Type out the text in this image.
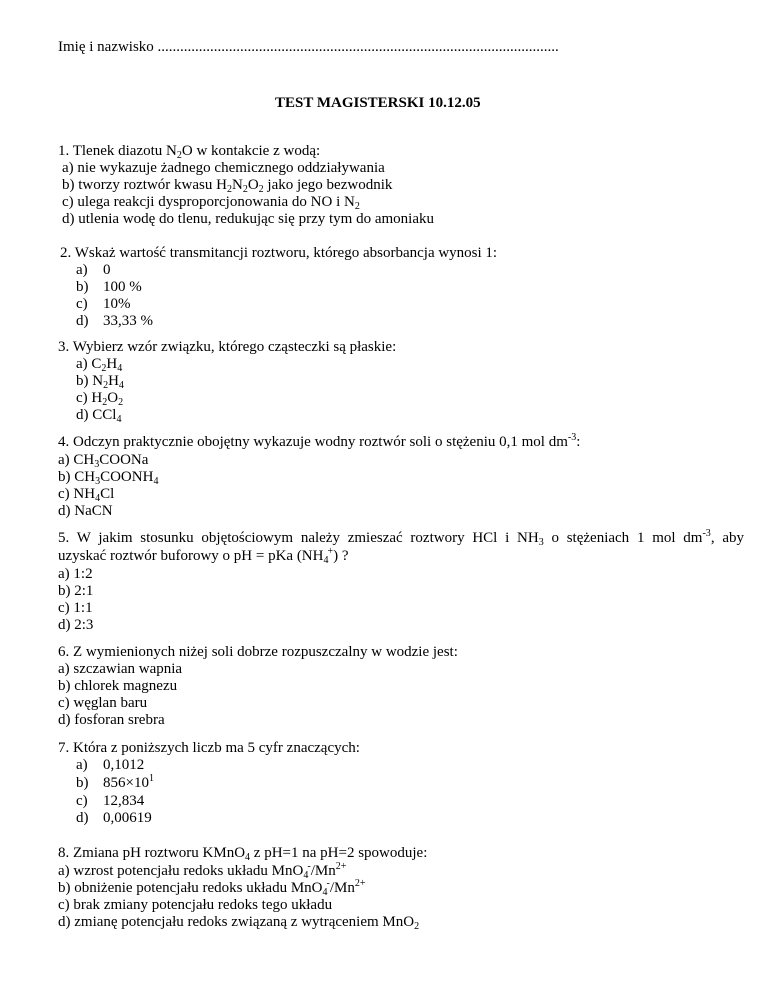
Imię i nazwisko ...........................................................................................................
TEST MAGISTERSKI 10.12.05
1. Tlenek diazotu $N_2O$ w kontakcie z wodą:
a) nie wykazuje żadnego chemicznego oddziaływania
b) tworzy roztwór kwasu $H_2N_2O_2$ jako jego bezwodnik
c) ulega reakcji dysproporcjonowania do NO i $N_2$
d) utlenia wodę do tlenu, redukując się przy tym do amoniaku
2. Wskaż wartość transmitancji roztworu, którego absorbancja wynosi 1:
a) 0
b) 100 %
c) 10%
d) 33,33 %
3. Wybierz wzór związku, którego cząsteczki są płaskie:
a) $C_2H_4$
b) $N_2H_4$
c) $H_2O_2$
d) CCl$_4$
4. Odczyn praktycznie obojętny wykazuje wodny roztwór soli o stężeniu 0,1 mol $dm^{-3}$:
a) $CH_3COONa$
b) $CH_3COONH_4$
c) $NH_4Cl$
d) NaCN
5. W jakim stosunku objętościowym należy zmieszać roztwory HCl i $NH_3$ o stężeniach 1 mol $dm^{-3}$, aby
uzyskać roztwór buforowy o pH = pKa $(NH_4^+)$ ?
a) 1:2
b) 2:1
c) 1:1
d) 2:3
6. Z wymienionych niżej soli dobrze rozpuszczalny w wodzie jest:
a) szczawian wapnia
b) chlorek magnezu
c) węglan baru
d) fosforan srebra
7. Która z poniższych liczb ma 5 cyfr znaczących:
a) 0,1012
b) $856\times 10^1$
c) 12,834
d) 0,00619
8. Zmiana pH roztworu KMnO$_4$ z pH=1 na pH=2 spowoduje:
a) wzrost potencjału redoks układu $MnO_4^-/Mn^{2+}$
b) obniżenie potencjału redoks układu $MnO_4^-/Mn^{2+}$
c) brak zmiany potencjału redoks tego układu
d) zmianę potencjału redoks związaną z wytrąceniem MnO$_2$
